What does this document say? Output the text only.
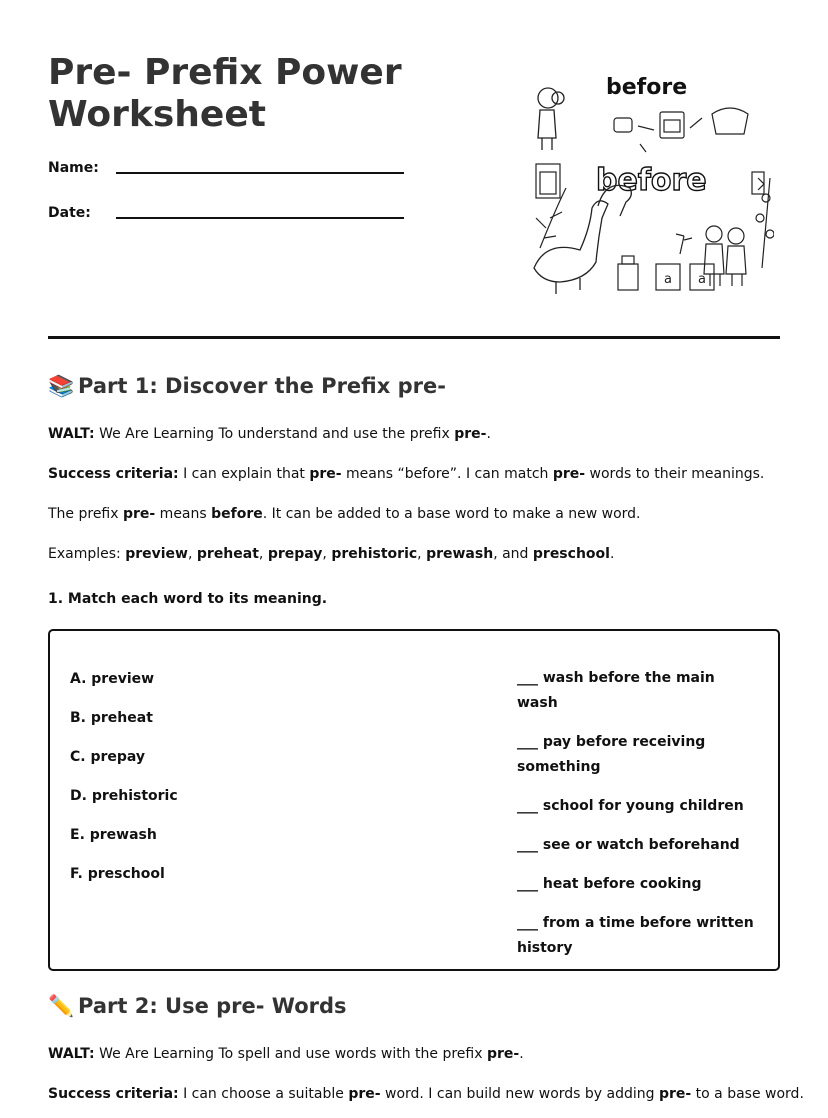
Pre- Prefix Power Worksheet
Name:
Date:
before
before
a a
📚 Part 1: Discover the Prefix pre-

WALT: We Are Learning To understand and use the prefix pre-.

Success criteria: I can explain that pre- means “before”. I can match pre- words to their meanings.

The prefix pre- means before. It can be added to a base word to make a new word.

Examples: preview, preheat, prepay, prehistoric, prewash, and preschool.

1. Match each word to its meaning.

A. preview
B. preheat
C. prepay
D. prehistoric
E. prewash
F. preschool
___ wash before the main wash
___ pay before receiving something
___ school for young children
___ see or watch beforehand
___ heat before cooking
___ from a time before written history
✏️ Part 2: Use pre- Words

WALT: We Are Learning To spell and use words with the prefix pre-.

Success criteria: I can choose a suitable pre- word. I can build new words by adding pre- to a base word.
